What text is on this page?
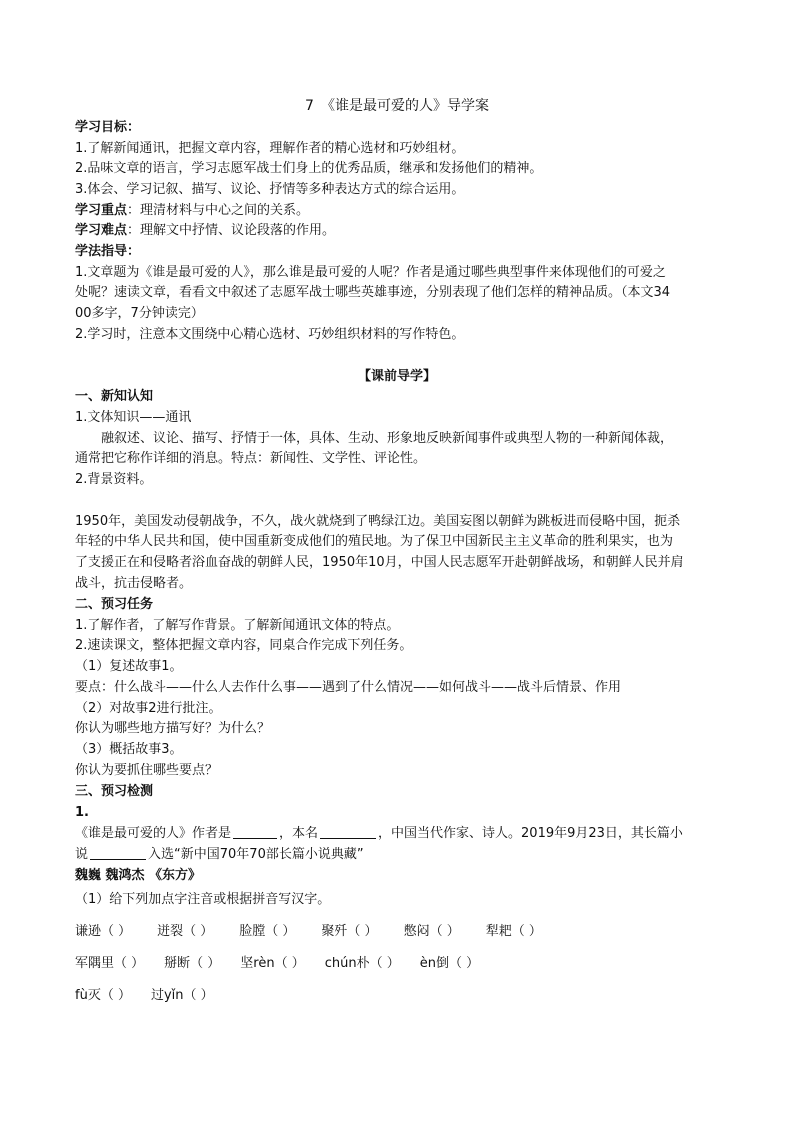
7　《谁是最可爱的人》导学案
学习目标：
1.了解新闻通讯，把握文章内容，理解作者的精心选材和巧妙组材。
2.品味文章的语言，学习志愿军战士们身上的优秀品质，继承和发扬他们的精神。
3.体会、学习记叙、描写、议论、抒情等多种表达方式的综合运用。
学习重点：理清材料与中心之间的关系。
学习难点：理解文中抒情、议论段落的作用。
学法指导：
1.文章题为《谁是最可爱的人》，那么谁是最可爱的人呢？作者是通过哪些典型事件来体现他们的可爱之
处呢？速读文章，看看文中叙述了志愿军战士哪些英雄事迹，分别表现了他们怎样的精神品质。（本文34
00多字，7分钟读完）
2.学习时，注意本文围绕中心精心选材、巧妙组织材料的写作特色。
【课前导学】
一、新知认知
1.文体知识——通讯
融叙述、议论、描写、抒情于一体，具体、生动、形象地反映新闻事件或典型人物的一种新闻体裁，
通常把它称作详细的消息。特点：新闻性、文学性、评论性。
2.背景资料。
1950年，美国发动侵朝战争，不久，战火就烧到了鸭绿江边。美国妄图以朝鲜为跳板进而侵略中国，扼杀
年轻的中华人民共和国，使中国重新变成他们的殖民地。为了保卫中国新民主主义革命的胜利果实，也为
了支援正在和侵略者浴血奋战的朝鲜人民，1950年10月，中国人民志愿军开赴朝鲜战场，和朝鲜人民并肩
战斗，抗击侵略者。
二、预习任务
1.了解作者，了解写作背景。了解新闻通讯文体的特点。
2.速读课文，整体把握文章内容，同桌合作完成下列任务。
（1）复述故事1。
要点：什么战斗——什么人去作什么事——遇到了什么情况——如何战斗——战斗后情景、作用
（2）对故事2进行批注。
你认为哪些地方描写好？为什么？
（3）概括故事3。
你认为要抓住哪些要点？
三、预习检测
1.
《谁是最可爱的人》作者是	，本名	，中国当代作家、诗人。2019年9月23日，其长篇小
说	入选“新中国70年70部长篇小说典藏”
魏巍 魏鸿杰 《东方》
（1）给下列加点字注音或根据拼音写汉字。
谦逊（ ） 迸裂（ ） 脸膛（ ） 聚歼（ ） 憋闷（ ） 犁耙（ ）
军隅里（ ） 掰断（ ） 坚rèn（ ） chún朴（ ） èn倒（ ）
fù灭（ ） 过yǐn（ ）
